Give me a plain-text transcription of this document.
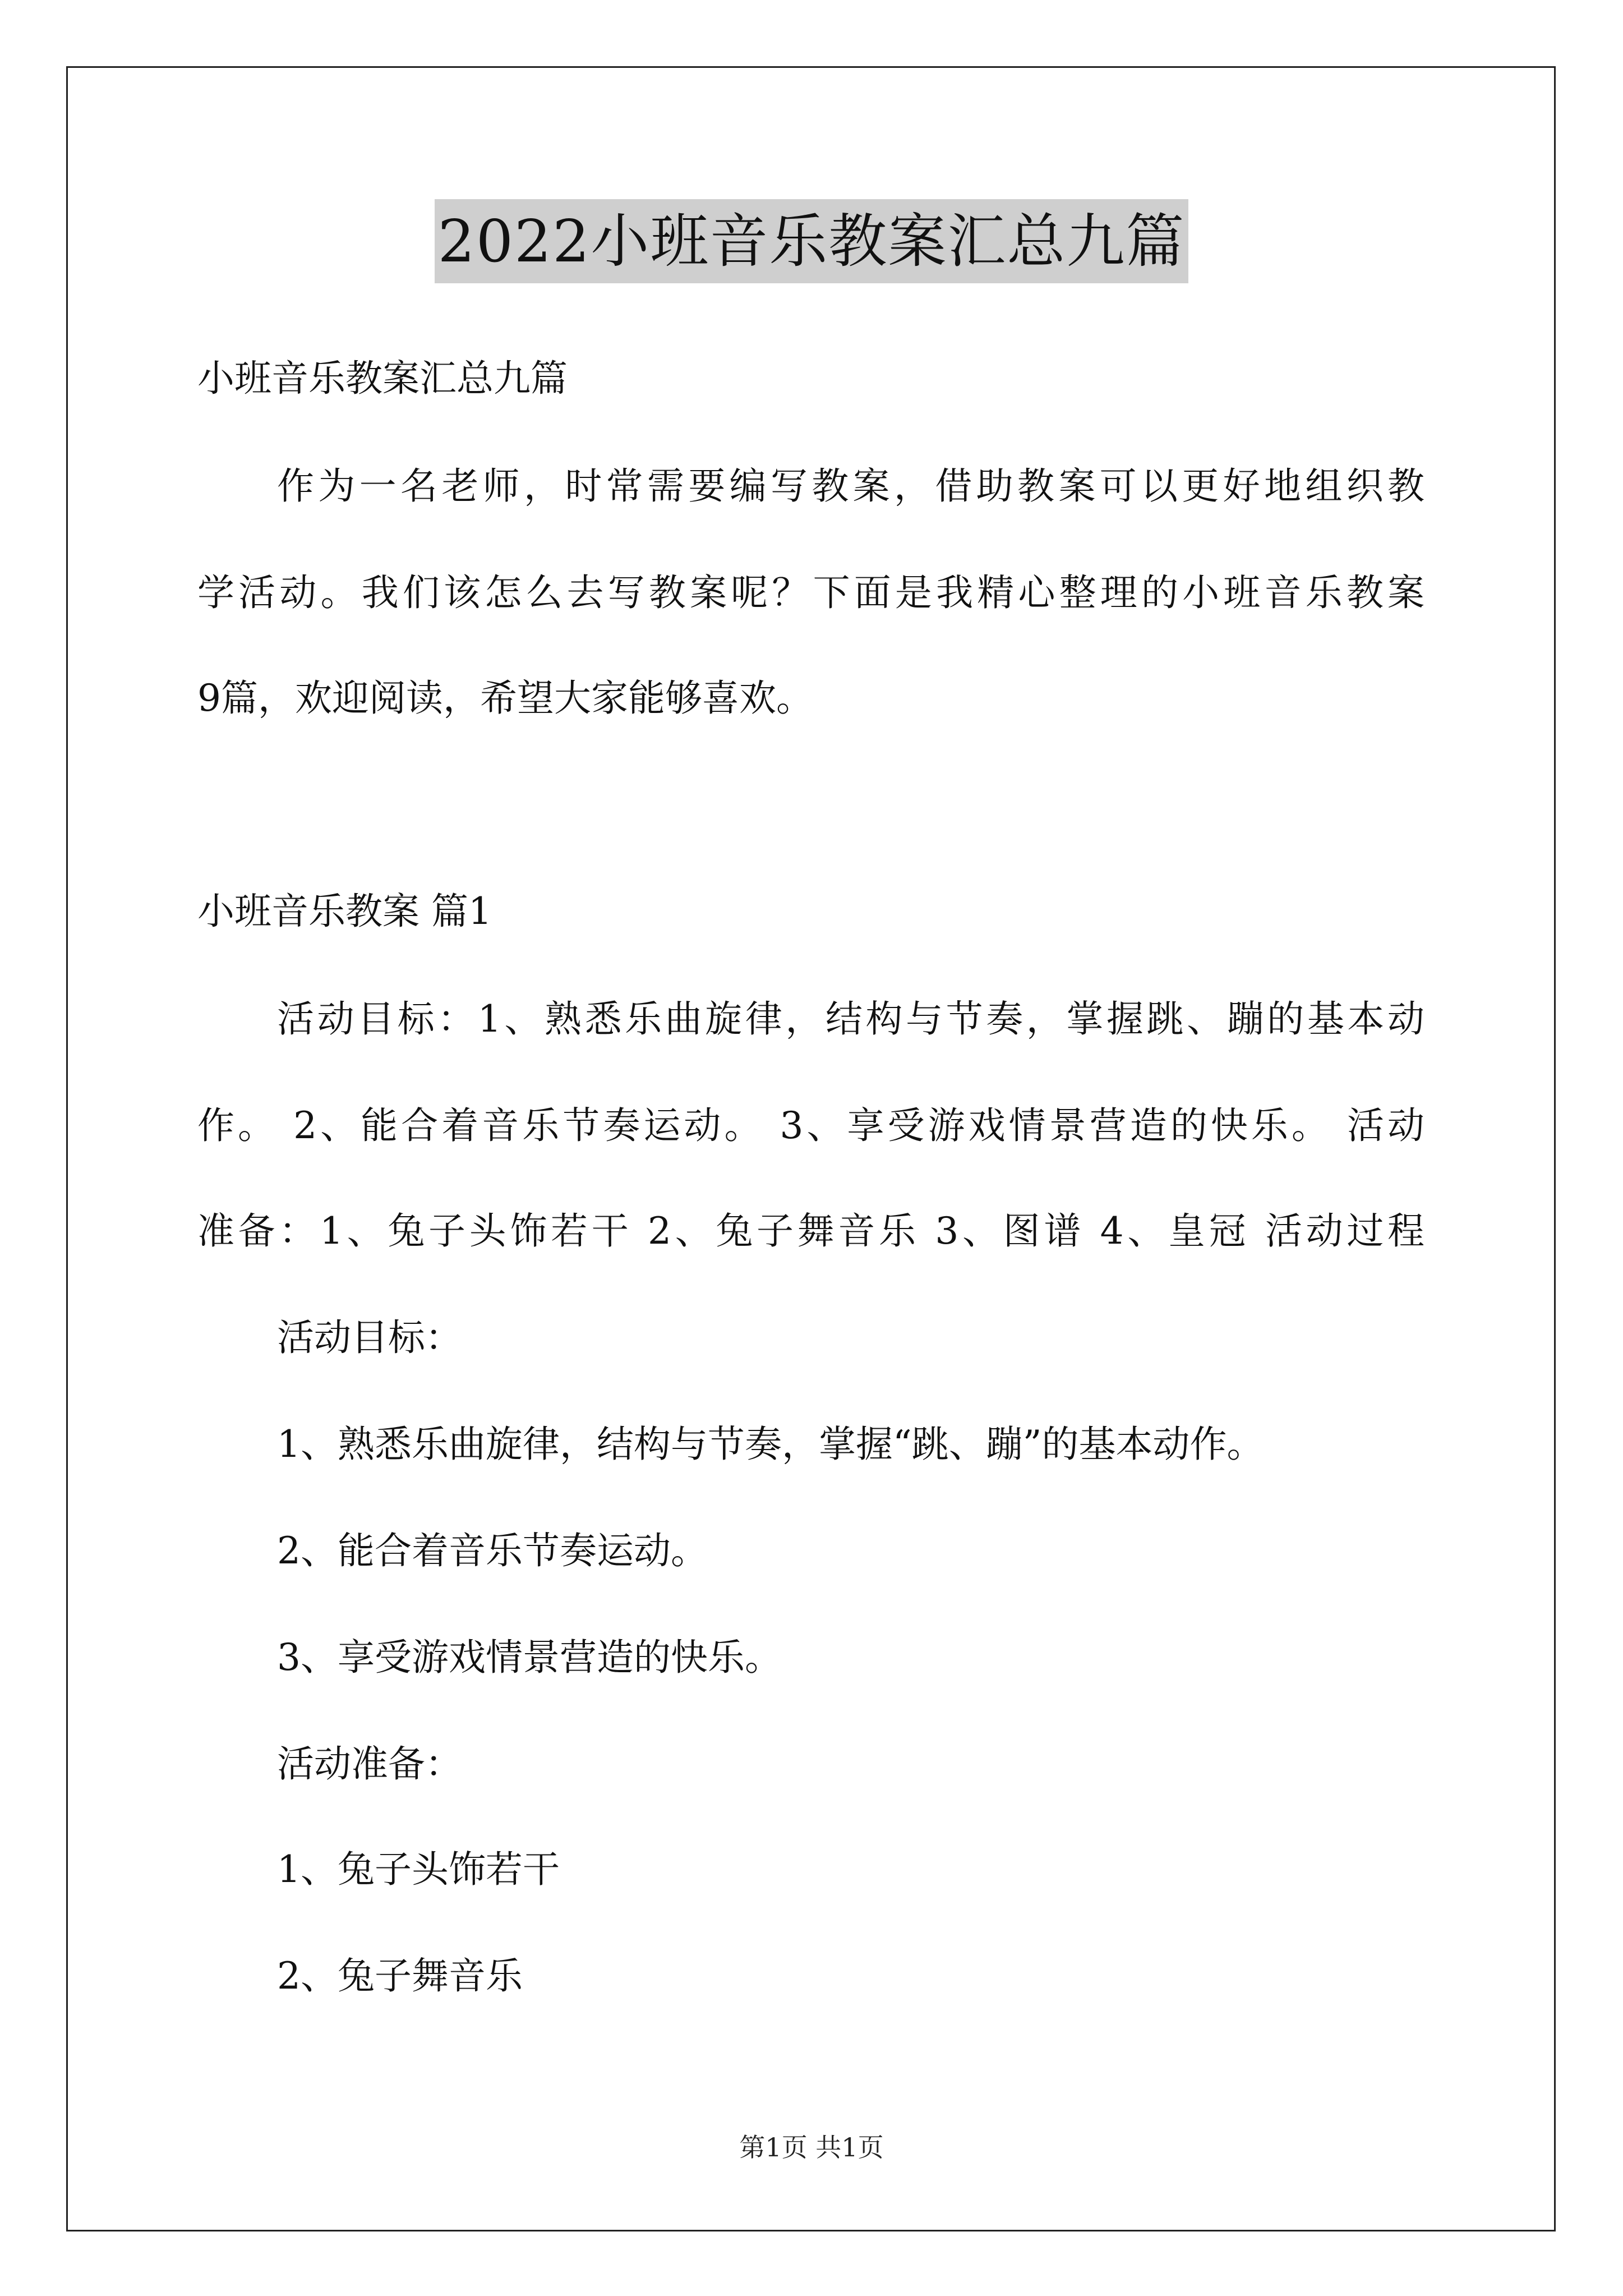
2022小班音乐教案汇总九篇
小班音乐教案汇总九篇
作为一名老师，时常需要编写教案，借助教案可以更好地组织教
学活动。我们该怎么去写教案呢？下面是我精心整理的小班音乐教案
9篇，欢迎阅读，希望大家能够喜欢。
小班音乐教案 篇1
活动目标：1、熟悉乐曲旋律，结构与节奏，掌握跳、蹦的基本动
作。 2、能合着音乐节奏运动。 3、享受游戏情景营造的快乐。 活动
准备：1、兔子头饰若干 2、兔子舞音乐 3、图谱 4、皇冠 活动过程
活动目标：
1、熟悉乐曲旋律，结构与节奏，掌握“跳、蹦”的基本动作。
2、能合着音乐节奏运动。
3、享受游戏情景营造的快乐。
活动准备：
1、兔子头饰若干
2、兔子舞音乐
第1页 共1页
